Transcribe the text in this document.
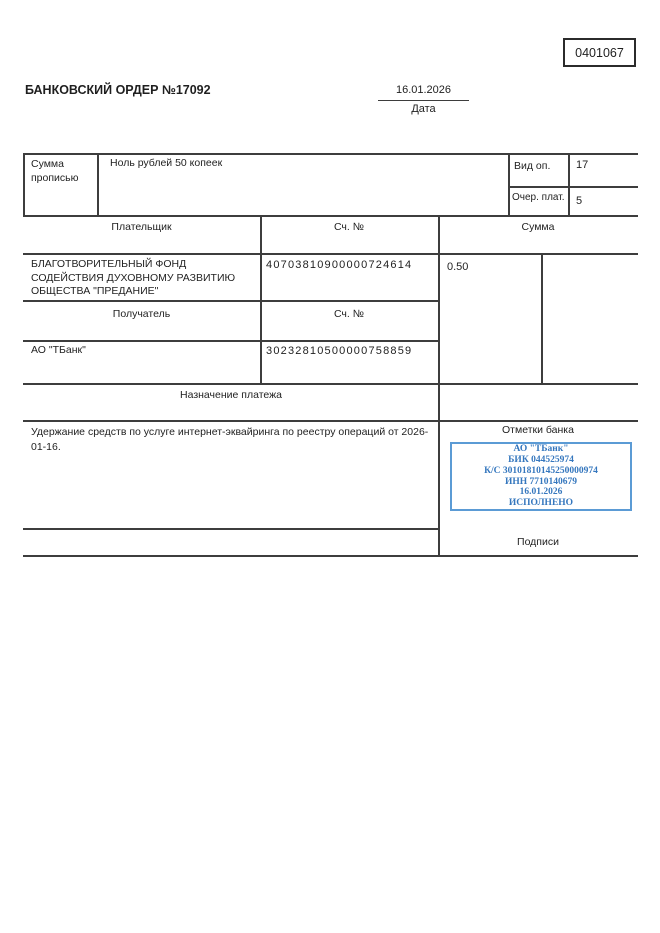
0401067
БАНКОВСКИЙ ОРДЕР №17092	16.01.2026
Дата
Сумма прописью
Ноль рублей 50 копеек	Вид оп. 17
Очер. плат. 5
Плательщик	Сч. №	Сумма
БЛАГОТВОРИТЕЛЬНЫЙ ФОНД СОДЕЙСТВИЯ ДУХОВНОМУ РАЗВИТИЮ ОБЩЕСТВА "ПРЕДАНИЕ"
40703810900000724614	0.50
Получатель	Сч. №
АО "ТБанк"	30232810500000758859
Назначение платежа
Удержание средств по услуге интернет-эквайринга по реестру операций от 2026-01-16.
Отметки банка
АО "ТБанк"
БИК 044525974
К/С 30101810145250000974
ИНН 7710140679
16.01.2026
ИСПОЛНЕНО
Подписи
